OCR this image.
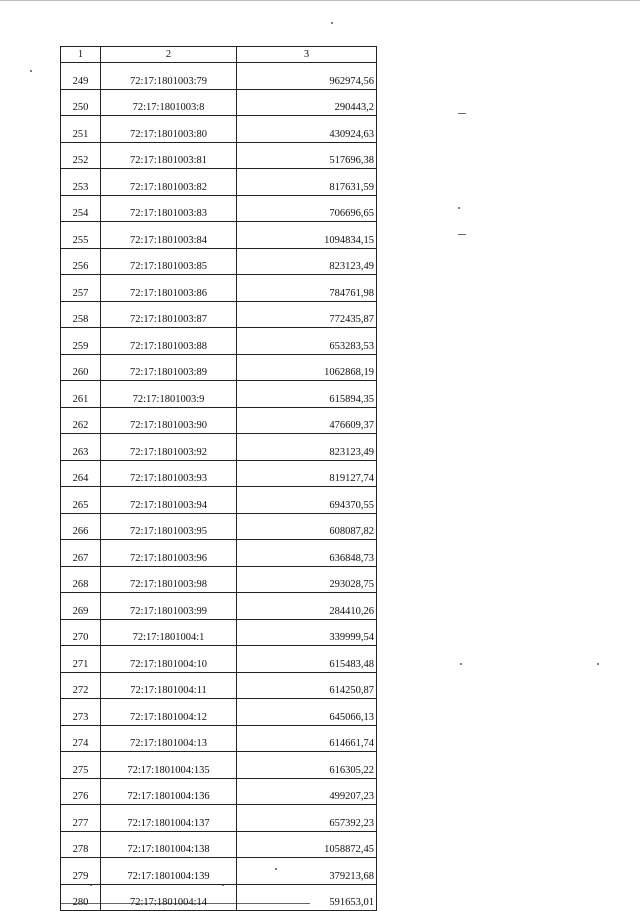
1	2	3
249	72:17:1801003:79	962974,56
250	72:17:1801003:8	290443,2
251	72:17:1801003:80	430924,63
252	72:17:1801003:81	517696,38
253	72:17:1801003:82	817631,59
254	72:17:1801003:83	706696,65
255	72:17:1801003:84	1094834,15
256	72:17:1801003:85	823123,49
257	72:17:1801003:86	784761,98
258	72:17:1801003:87	772435,87
259	72:17:1801003:88	653283,53
260	72:17:1801003:89	1062868,19
261	72:17:1801003:9	615894,35
262	72:17:1801003:90	476609,37
263	72:17:1801003:92	823123,49
264	72:17:1801003:93	819127,74
265	72:17:1801003:94	694370,55
266	72:17:1801003:95	608087,82
267	72:17:1801003:96	636848,73
268	72:17:1801003:98	293028,75
269	72:17:1801003:99	284410,26
270	72:17:1801004:1	339999,54
271	72:17:1801004:10	615483,48
272	72:17:1801004:11	614250,87
273	72:17:1801004:12	645066,13
274	72:17:1801004:13	614661,74
275	72:17:1801004:135	616305,22
276	72:17:1801004:136	499207,23
277	72:17:1801004:137	657392,23
278	72:17:1801004:138	1058872,45
279	72:17:1801004:139	379213,68
280	72:17:1801004:14	591653,01
